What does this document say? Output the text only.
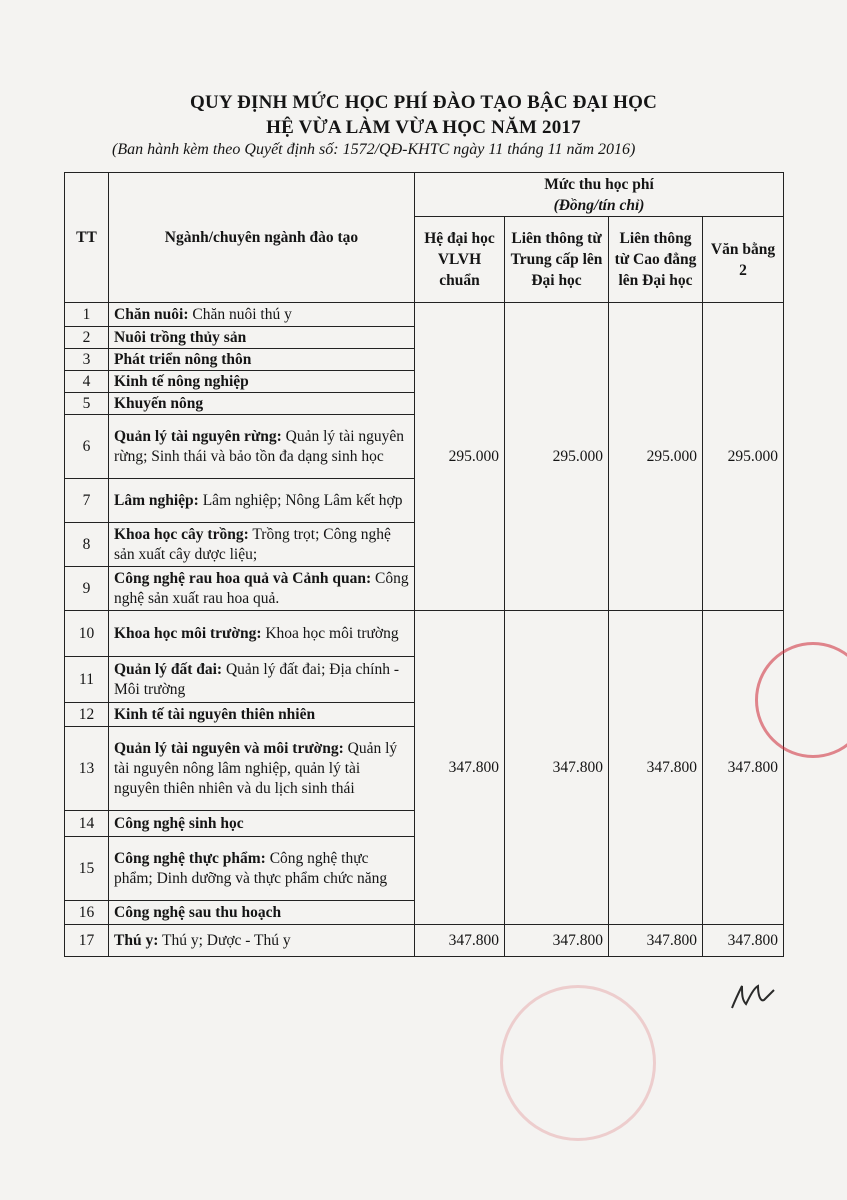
QUY ĐỊNH MỨC HỌC PHÍ ĐÀO TẠO BẬC ĐẠI HỌC
HỆ VỪA LÀM VỪA HỌC NĂM 2017
(Ban hành kèm theo Quyết định số: 1572/QĐ-KHTC ngày 11 tháng 11 năm 2016)
TT	Ngành/chuyên ngành đào tạo	Mức thu học phí
(Đồng/tín chỉ)			

		Hệ đại học VLVH chuẩn	Liên thông từ Trung cấp lên Đại học	Liên thông từ Cao đẳng lên Đại học	Văn bằng 2
1	Chăn nuôi: Chăn nuôi thú y	295.000	295.000	295.000	295.000
2	Nuôi trồng thủy sản				
3	Phát triển nông thôn				
4	Kinh tế nông nghiệp				
5	Khuyến nông				
6	Quản lý tài nguyên rừng: Quản lý tài nguyên rừng; Sinh thái và bảo tồn đa dạng sinh học				
7	Lâm nghiệp: Lâm nghiệp; Nông Lâm kết hợp				
8	Khoa học cây trồng: Trồng trọt; Công nghệ sản xuất cây dược liệu;				
9	Công nghệ rau hoa quả và Cảnh quan: Công nghệ sản xuất rau hoa quả.				
10	Khoa học môi trường: Khoa học môi trường	347.800	347.800	347.800	347.800
11	Quản lý đất đai: Quản lý đất đai; Địa chính - Môi trường				
12	Kinh tế tài nguyên thiên nhiên				
13	Quản lý tài nguyên và môi trường: Quản lý tài nguyên nông lâm nghiệp, quản lý tài nguyên thiên nhiên và du lịch sinh thái				
14	Công nghệ sinh học				
15	Công nghệ thực phẩm: Công nghệ thực phẩm; Dinh dưỡng và thực phẩm chức năng				
16	Công nghệ sau thu hoạch				
17	Thú y: Thú y; Dược - Thú y	347.800	347.800	347.800	347.800
